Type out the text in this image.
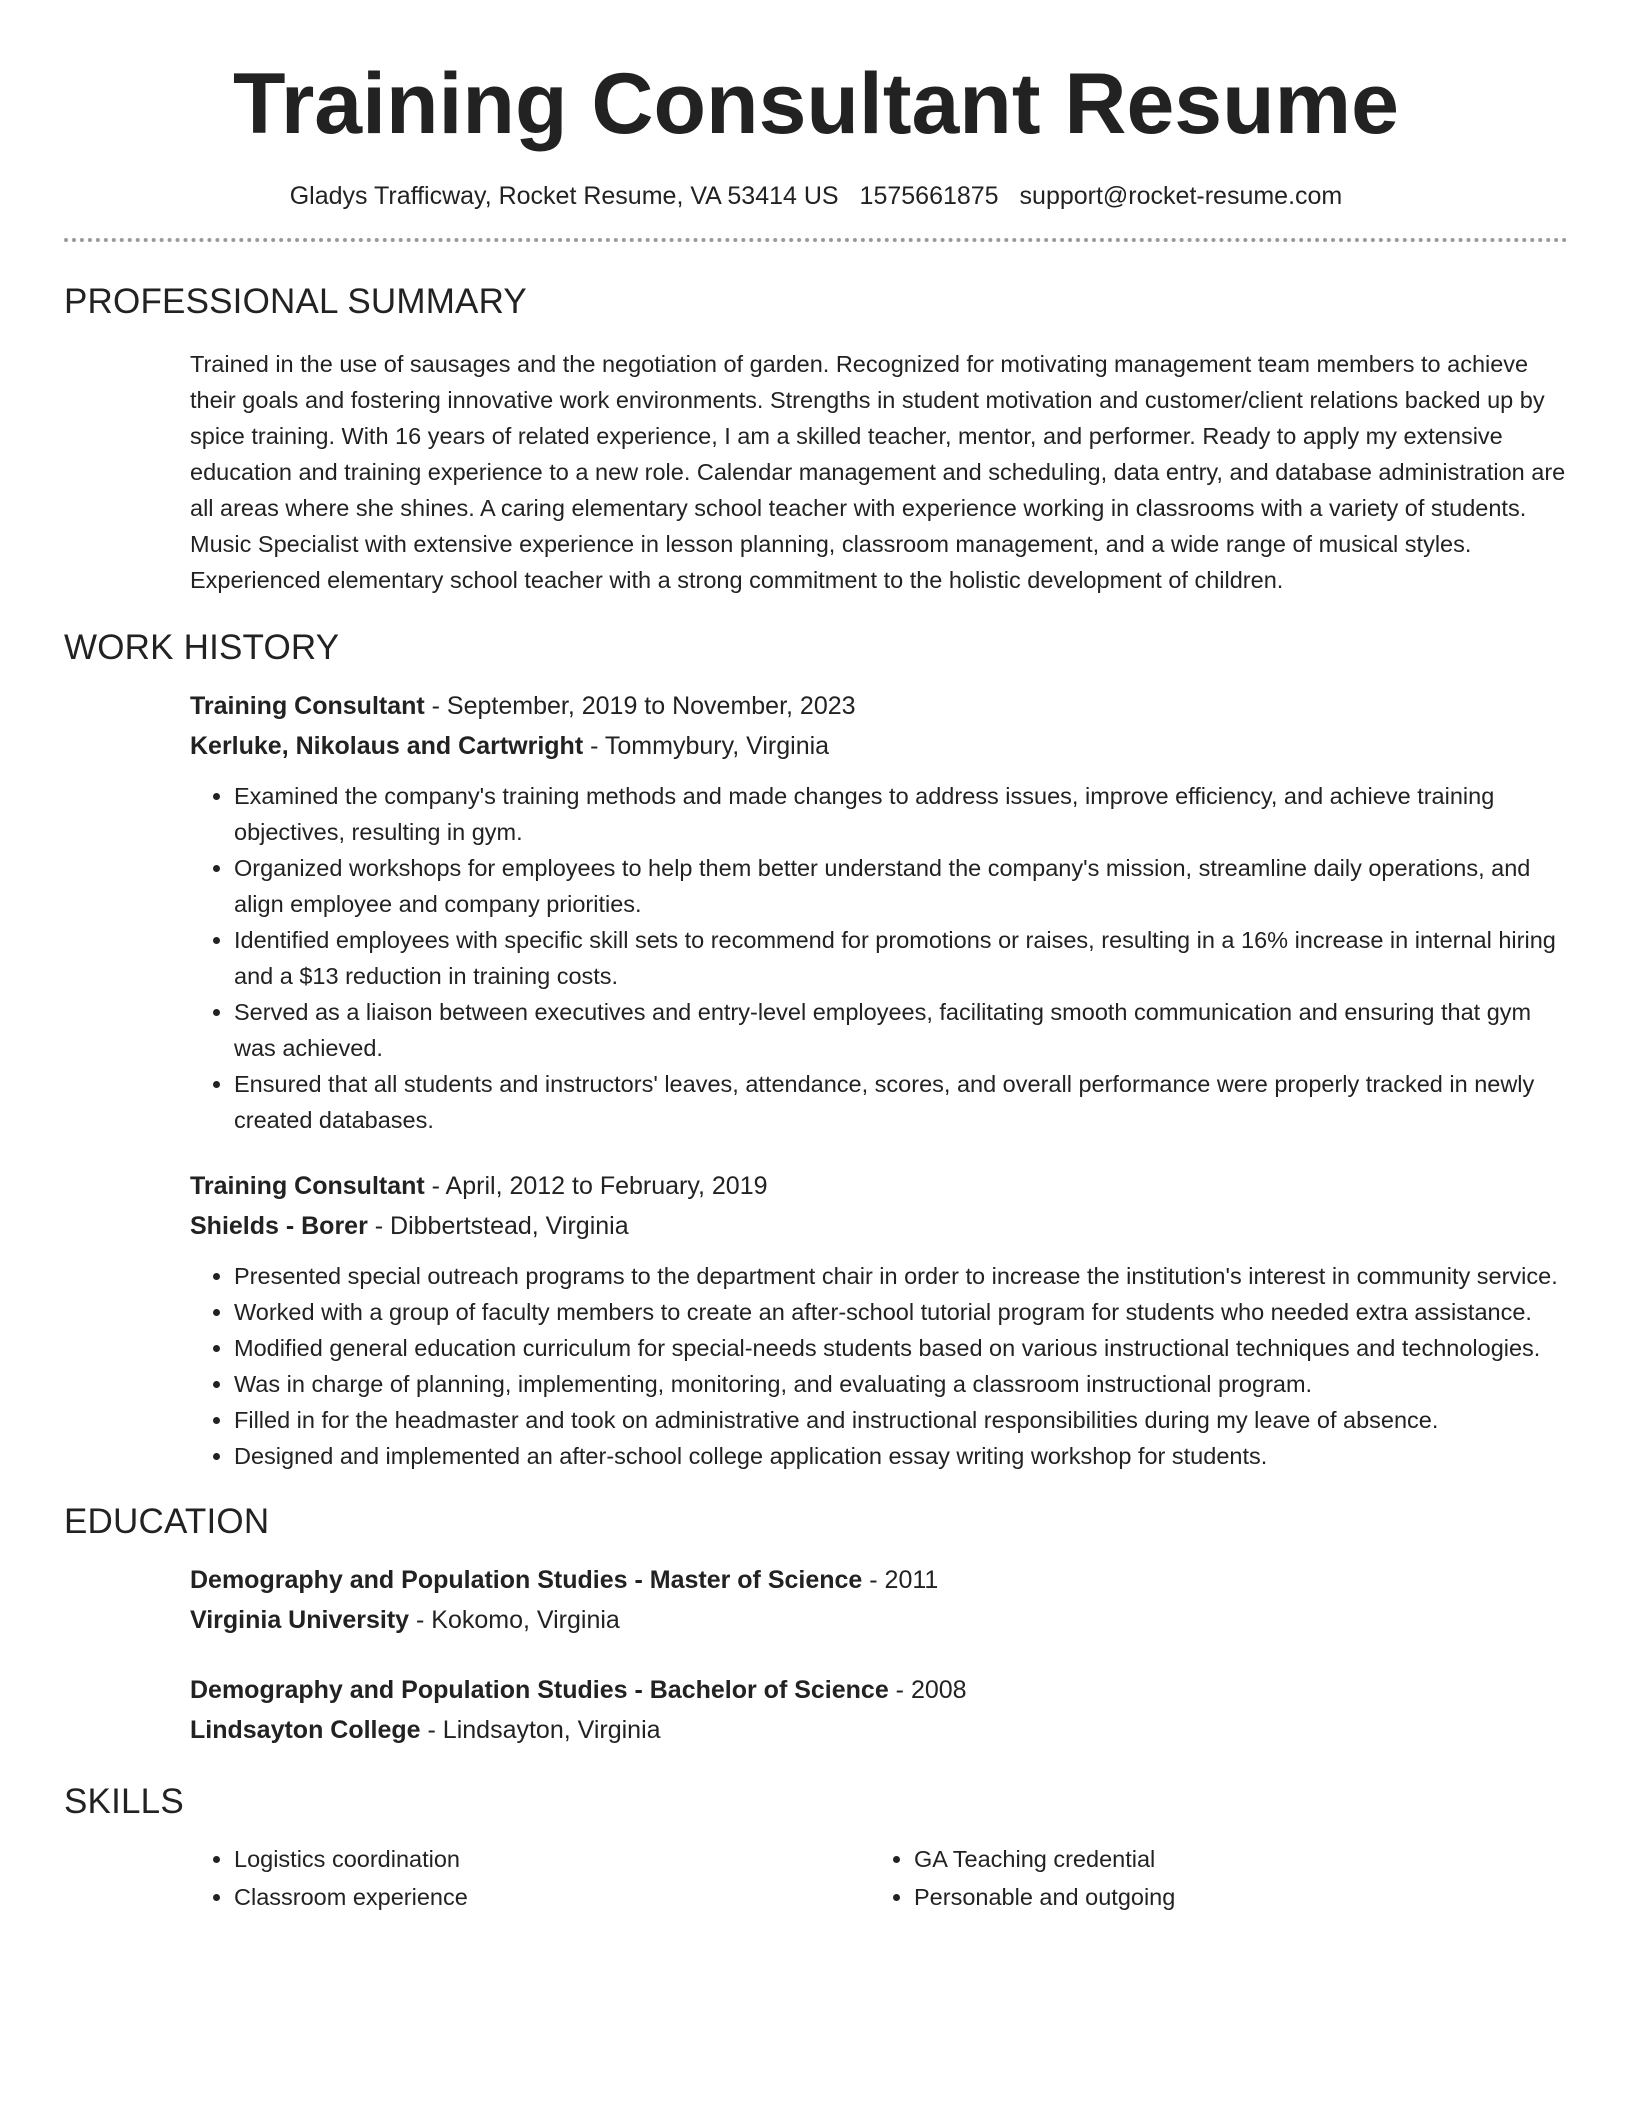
Training Consultant Resume
Gladys Trafficway, Rocket Resume, VA 53414 US 1575661875 support@rocket-resume.com
PROFESSIONAL SUMMARY

Trained in the use of sausages and the negotiation of garden. Recognized for motivating management team members to achieve their goals and fostering innovative work environments. Strengths in student motivation and customer/client relations backed up by spice training. With 16 years of related experience, I am a skilled teacher, mentor, and performer. Ready to apply my extensive education and training experience to a new role. Calendar management and scheduling, data entry, and database administration are all areas where she shines. A caring elementary school teacher with experience working in classrooms with a variety of students. Music Specialist with extensive experience in lesson planning, classroom management, and a wide range of musical styles. Experienced elementary school teacher with a strong commitment to the holistic development of children.

WORK HISTORY

Training Consultant - September, 2019 to November, 2023

Kerluke, Nikolaus and Cartwright - Tommybury, Virginia

• Examined the company's training methods and made changes to address issues, improve efficiency, and achieve training objectives, resulting in gym.
• Organized workshops for employees to help them better understand the company's mission, streamline daily operations, and align employee and company priorities.
• Identified employees with specific skill sets to recommend for promotions or raises, resulting in a 16% increase in internal hiring and a $13 reduction in training costs.
• Served as a liaison between executives and entry-level employees, facilitating smooth communication and ensuring that gym was achieved.
• Ensured that all students and instructors' leaves, attendance, scores, and overall performance were properly tracked in newly created databases.

Training Consultant - April, 2012 to February, 2019

Shields - Borer - Dibbertstead, Virginia

• Presented special outreach programs to the department chair in order to increase the institution's interest in community service.
• Worked with a group of faculty members to create an after-school tutorial program for students who needed extra assistance.
• Modified general education curriculum for special-needs students based on various instructional techniques and technologies.
• Was in charge of planning, implementing, monitoring, and evaluating a classroom instructional program.
• Filled in for the headmaster and took on administrative and instructional responsibilities during my leave of absence.
• Designed and implemented an after-school college application essay writing workshop for students.
EDUCATION

Demography and Population Studies - Master of Science - 2011

Virginia University - Kokomo, Virginia

Demography and Population Studies - Bachelor of Science - 2008

Lindsayton College - Lindsayton, Virginia

SKILLS
• Logistics coordination
• Classroom experience
• GA Teaching credential
• Personable and outgoing
